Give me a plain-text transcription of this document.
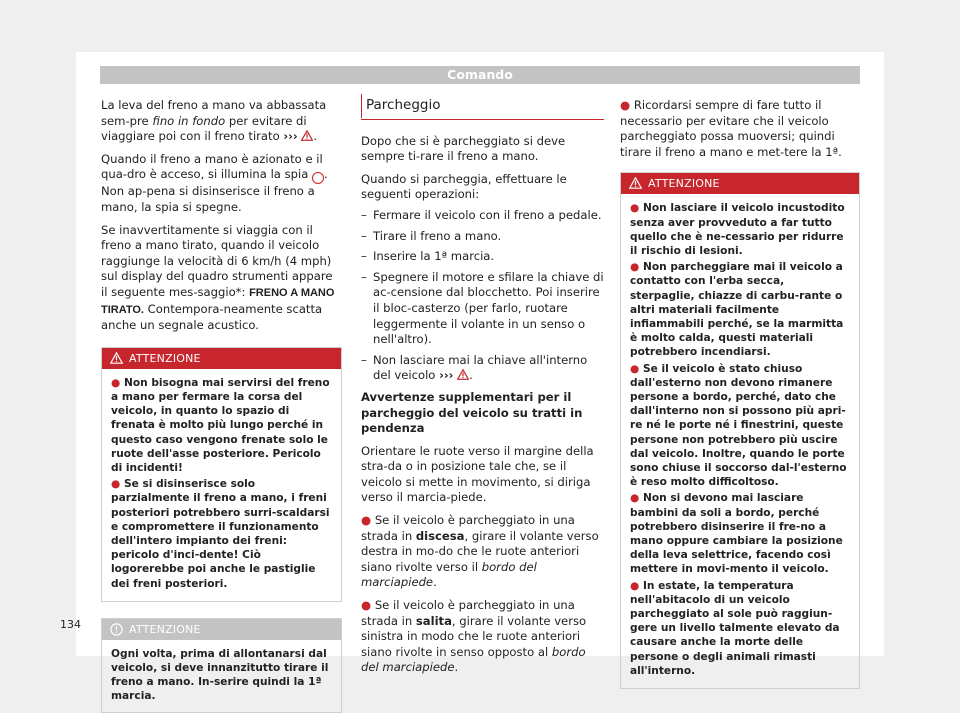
Comando

La leva del freno a mano va abbassata sem-pre fino in fondo per evitare di viaggiare poi con il freno tirato ››› .

Quando il freno a mano è azionato e il qua-dro è acceso, si illumina la spia . Non ap-pena si disinserisce il freno a mano, la spia si spegne.

Se inavvertitamente si viaggia con il freno a mano tirato, quando il veicolo raggiunge la velocità di 6 km/h (4 mph) sul display del quadro strumenti appare il seguente mes-saggio*: FRENO A MANO TIRATO. Contempora-neamente scatta anche un segnale acustico.

ATTENZIONE

● Non bisogna mai servirsi del freno a mano per fermare la corsa del veicolo, in quanto lo spazio di frenata è molto più lungo perché in questo caso vengono frenate solo le ruote dell'asse posteriore. Pericolo di incidenti!

● Se si disinserisce solo parzialmente il freno a mano, i freni posteriori potrebbero surri-scaldarsi e compromettere il funzionamento dell'intero impianto dei freni: pericolo d'inci-dente! Ciò logorerebbe poi anche le pastiglie dei freni posteriori.

ATTENZIONE

Ogni volta, prima di allontanarsi dal veicolo, si deve innanzitutto tirare il freno a mano. In-serire quindi la 1ª marcia.

Parcheggio

Dopo che si è parcheggiato si deve sempre ti-rare il freno a mano.

Quando si parcheggia, effettuare le seguenti operazioni:

– Fermare il veicolo con il freno a pedale.
– Tirare il freno a mano.
– Inserire la 1ª marcia.
– Spegnere il motore e sfilare la chiave di ac-censione dal blocchetto. Poi inserire il bloc-casterzo (per farlo, ruotare leggermente il volante in un senso o nell'altro).
– Non lasciare mai la chiave all'interno del veicolo ››› .

Avvertenze supplementari per il parcheggio del veicolo su tratti in pendenza

Orientare le ruote verso il margine della stra-da o in posizione tale che, se il veicolo si mette in movimento, si diriga verso il marcia-piede.

● Se il veicolo è parcheggiato in una strada in discesa, girare il volante verso destra in mo-do che le ruote anteriori siano rivolte verso il bordo del marciapiede.

● Se il veicolo è parcheggiato in una strada in salita, girare il volante verso sinistra in modo che le ruote anteriori siano rivolte in senso opposto al bordo del marciapiede.

● Ricordarsi sempre di fare tutto il necessario per evitare che il veicolo parcheggiato possa muoversi; quindi tirare il freno a mano e met-tere la 1ª.

ATTENZIONE

● Non lasciare il veicolo incustodito senza aver provveduto a far tutto quello che è ne-cessario per ridurre il rischio di lesioni.

● Non parcheggiare mai il veicolo a contatto con l'erba secca, sterpaglie, chiazze di carbu-rante o altri materiali facilmente infiammabili perché, se la marmitta è molto calda, questi materiali potrebbero incendiarsi.

● Se il veicolo è stato chiuso dall'esterno non devono rimanere persone a bordo, perché, dato che dall'interno non si possono più apri-re né le porte né i finestrini, queste persone non potrebbero più uscire dal veicolo. Inoltre, quando le porte sono chiuse il soccorso dal-l'esterno è reso molto difficoltoso.

● Non si devono mai lasciare bambini da soli a bordo, perché potrebbero disinserire il fre-no a mano oppure cambiare la posizione della leva selettrice, facendo così mettere in movi-mento il veicolo.

● In estate, la temperatura nell'abitacolo di un veicolo parcheggiato al sole può raggiun-gere un livello talmente elevato da causare anche la morte delle persone o degli animali rimasti all'interno.

134
